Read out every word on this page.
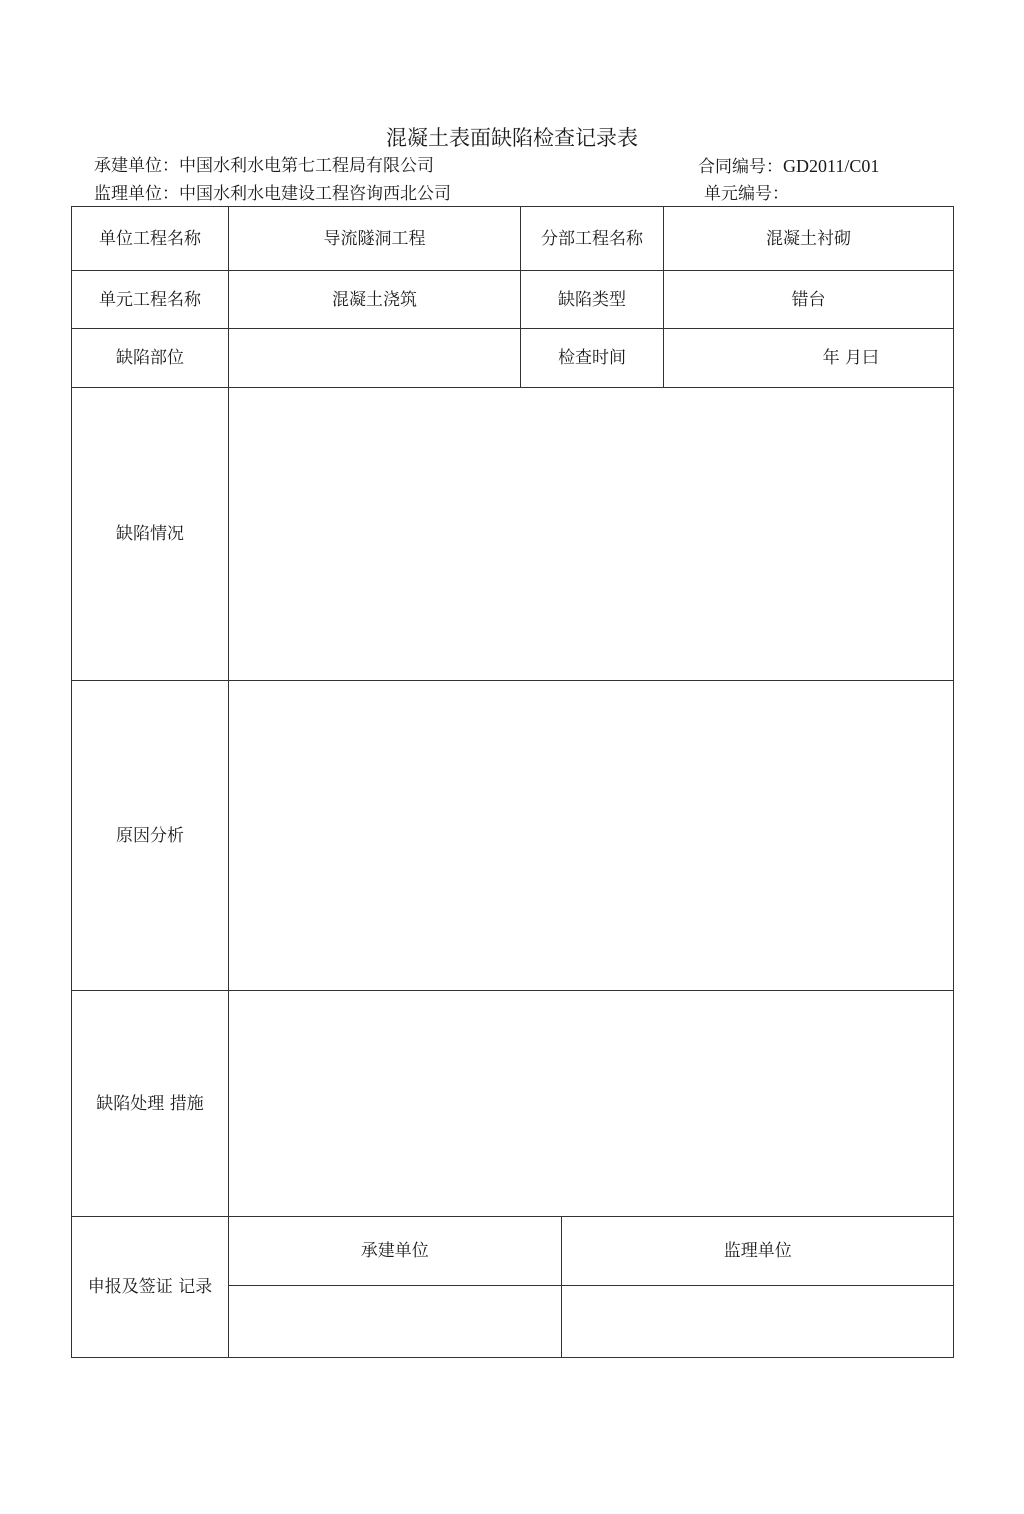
混凝土表面缺陷检查记录表
承建单位：中国水利水电第七工程局有限公司	合同编号：GD2011/C01
监理单位：中国水利水电建设工程咨询西北公司	单元编号：
单位工程名称	导流隧洞工程	分部工程名称	混凝土衬砌
单元工程名称	混凝土浇筑	缺陷类型	错台
缺陷部位		检查时间	年 月曰
缺陷情况	
原因分析	
缺陷处理 措施	
申报及签证 记录	
承建单位	监理单位
